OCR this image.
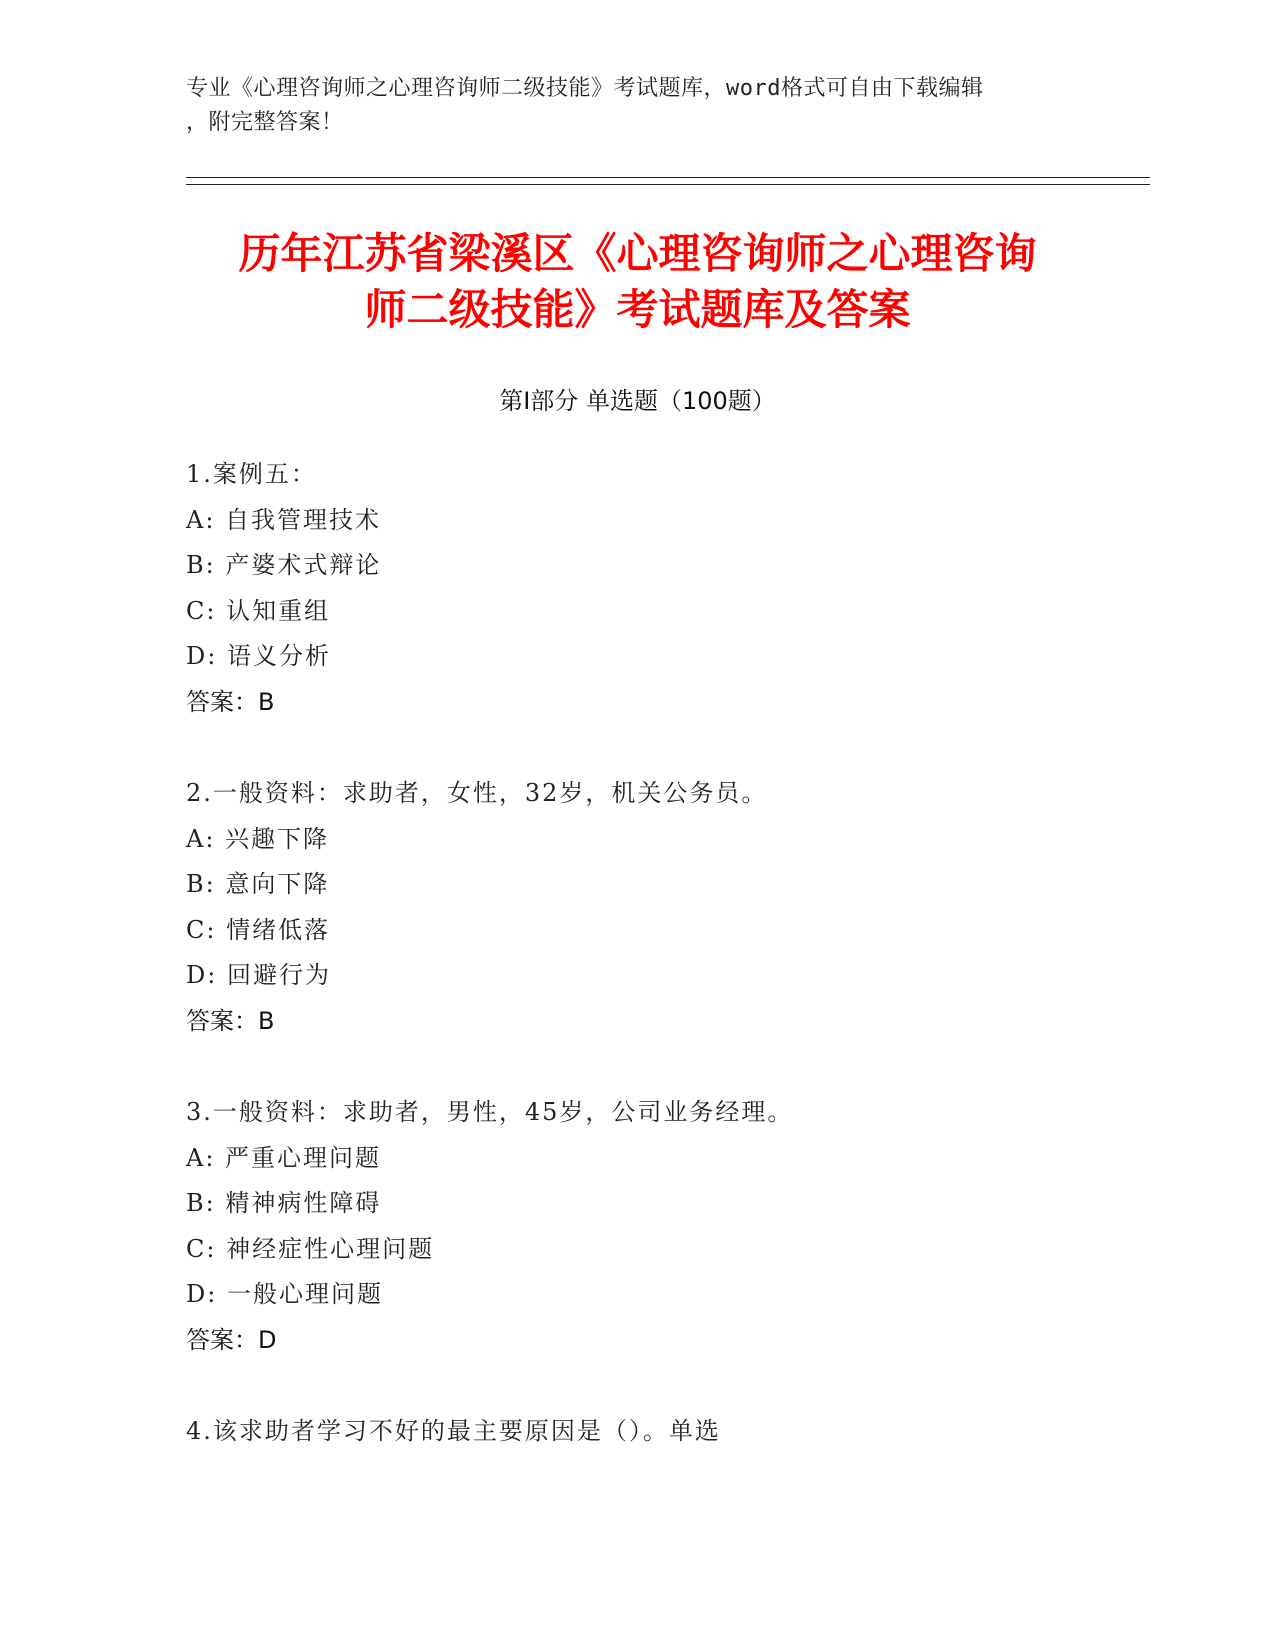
专业《心理咨询师之心理咨询师二级技能》考试题库，word格式可自由下载编辑
，附完整答案！
历年江苏省梁溪区《心理咨询师之心理咨询
师二级技能》考试题库及答案
第Ⅰ部分 单选题（100题）
1.案例五：
A: 自我管理技术
B: 产婆术式辩论
C: 认知重组
D: 语义分析
答案：B
2.一般资料：求助者，女性，32岁，机关公务员。
A: 兴趣下降
B: 意向下降
C: 情绪低落
D: 回避行为
答案：B
3.一般资料：求助者，男性，45岁，公司业务经理。
A: 严重心理问题
B: 精神病性障碍
C: 神经症性心理问题
D: 一般心理问题
答案：D
4.该求助者学习不好的最主要原因是（）。单选
